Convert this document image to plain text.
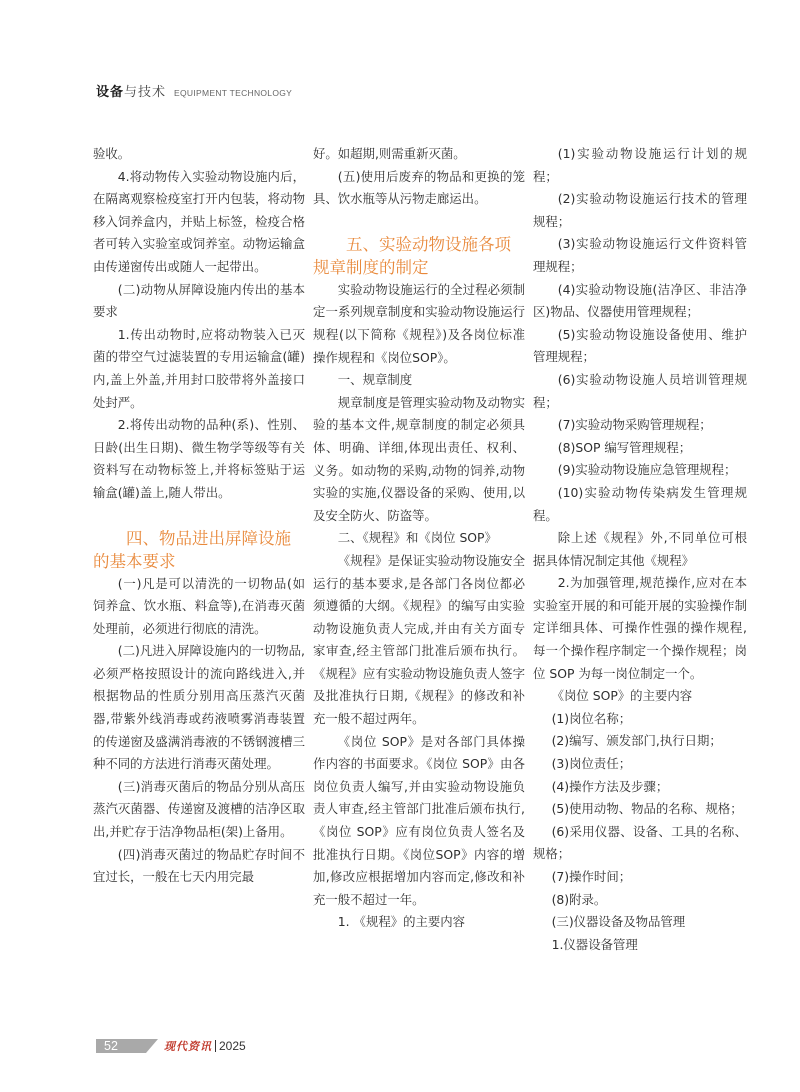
设备 与技术 EQUIPMENT TECHNOLOGY

验收。

4.将动物传入实验动物设施内后，在隔离观察检疫室打开内包装，将动物移入饲养盒内，并贴上标签，检疫合格者可转入实验室或饲养室。动物运输盒由传递窗传出或随人一起带出。

(二)动物从屏障设施内传出的基本要求

1.传出动物时,应将动物装入已灭菌的带空气过滤装置的专用运输盒(罐)内,盖上外盖,并用封口胶带将外盖接口处封严。

2.将传出动物的品种(系)、性别、日龄(出生日期)、微生物学等级等有关资料写在动物标签上,并将标签贴于运输盒(罐)盖上,随人带出。

四、物品进出屏障设施的基本要求

(一)凡是可以清洗的一切物品(如饲养盒、饮水瓶、料盒等),在消毒灭菌处理前，必须进行彻底的清洗。

(二)凡进入屏障设施内的一切物品,必须严格按照设计的流向路线进入,并根据物品的性质分别用高压蒸汽灭菌器,带紫外线消毒或药液喷雾消毒装置的传递窗及盛满消毒液的不锈钢渡槽三种不同的方法进行消毒灭菌处理。

(三)消毒灭菌后的物品分别从高压蒸汽灭菌器、传递窗及渡槽的洁净区取出,并贮存于洁净物品柜(架)上备用。

(四)消毒灭菌过的物品贮存时间不宜过长，一般在七天内用完最

好。如超期,则需重新灭菌。

(五)使用后废弃的物品和更换的笼具、饮水瓶等从污物走廊运出。

五、实验动物设施各项规章制度的制定

实验动物设施运行的全过程必须制定一系列规章制度和实验动物设施运行规程(以下简称《规程》)及各岗位标准操作规程和《岗位SOP》。

一、规章制度

规章制度是管理实验动物及动物实验的基本文件,规章制度的制定必须具体、明确、详细,体现出责任、权利、义务。如动物的采购,动物的饲养,动物实验的实施,仪器设备的采购、使用,以及安全防火、防盗等。

二、《规程》和《岗位 SOP》

《规程》是保证实验动物设施安全运行的基本要求,是各部门各岗位都必须遵循的大纲。《规程》的编写由实验动物设施负责人完成,并由有关方面专家审查,经主管部门批准后颁布执行。《规程》应有实验动物设施负责人签字及批准执行日期,《规程》的修改和补充一般不超过两年。

《岗位 SOP》是对各部门具体操作内容的书面要求。《岗位 SOP》由各岗位负责人编写,并由实验动物设施负责人审查,经主管部门批准后颁布执行,《岗位 SOP》应有岗位负责人签名及批准执行日期。《岗位SOP》内容的增加,修改应根据增加内容而定,修改和补充一般不超过一年。

1. 《规程》的主要内容

(1)实验动物设施运行计划的规程；

(2)实验动物设施运行技术的管理规程；

(3)实验动物设施运行文件资料管理规程；

(4)实验动物设施(洁净区、非洁净区)物品、仪器使用管理规程；

(5)实验动物设施设备使用、维护管理规程；

(6)实验动物设施人员培训管理规程；

(7)实验动物采购管理规程；

(8)SOP 编写管理规程；

(9)实验动物设施应急管理规程；

(10)实验动物传染病发生管理规程。

除上述《规程》外,不同单位可根据具体情况制定其他《规程》

2.为加强管理,规范操作,应对在本实验室开展的和可能开展的实验操作制定详细具体、可操作性强的操作规程,每一个操作程序制定一个操作规程；岗位 SOP 为每一岗位制定一个。

《岗位 SOP》的主要内容

(1)岗位名称；

(2)编写、颁发部门,执行日期；

(3)岗位责任；

(4)操作方法及步骤；

(5)使用动物、物品的名称、规格；

(6)采用仪器、设备、工具的名称、规格；

(7)操作时间；

(8)附录。

(三)仪器设备及物品管理

1.仪器设备管理

52	现代资讯 2025
